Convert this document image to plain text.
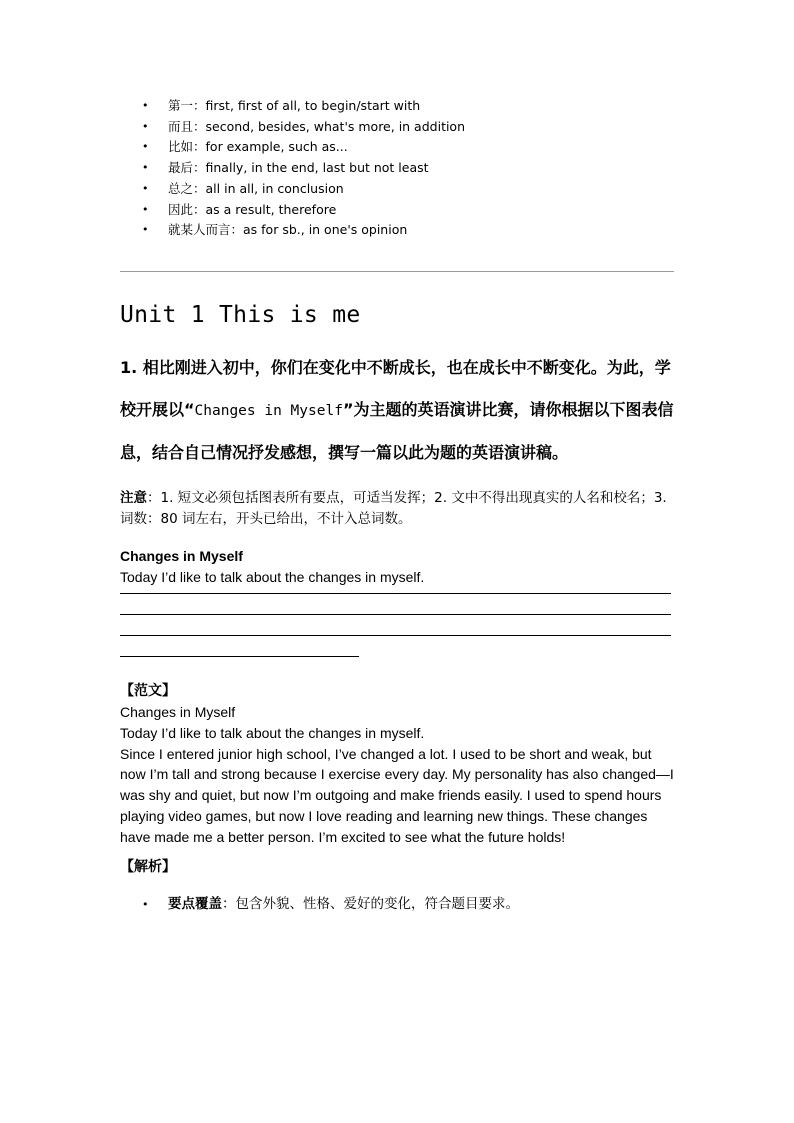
• 第一：first, first of all, to begin/start with
• 而且：second, besides, what's more, in addition
• 比如：for example, such as...
• 最后：finally, in the end, last but not least
• 总之：all in all, in conclusion
• 因此：as a result, therefore
• 就某人而言：as for sb., in one's opinion
Unit 1 This is me

1. 相比刚进入初中，你们在变化中不断成长，也在成长中不断变化。为此，学校开展以“Changes in Myself”为主题的英语演讲比赛，请你根据以下图表信息，结合自己情况抒发感想，撰写一篇以此为题的英语演讲稿。

注意：1. 短文必须包括图表所有要点，可适当发挥；2. 文中不得出现真实的人名和校名；3. 词数：80 词左右，开头已给出，不计入总词数。

Changes in Myself

Today I’d like to talk about the changes in myself.

【范文】

Changes in Myself

Today I’d like to talk about the changes in myself.

Since I entered junior high school, I’ve changed a lot. I used to be short and weak, but now I’m tall and strong because I exercise every day. My personality has also changed—I was shy and quiet, but now I’m outgoing and make friends easily. I used to spend hours playing video games, but now I love reading and learning new things. These changes have made me a better person. I’m excited to see what the future holds!

【解析】

• 要点覆盖：包含外貌、性格、爱好的变化，符合题目要求。
